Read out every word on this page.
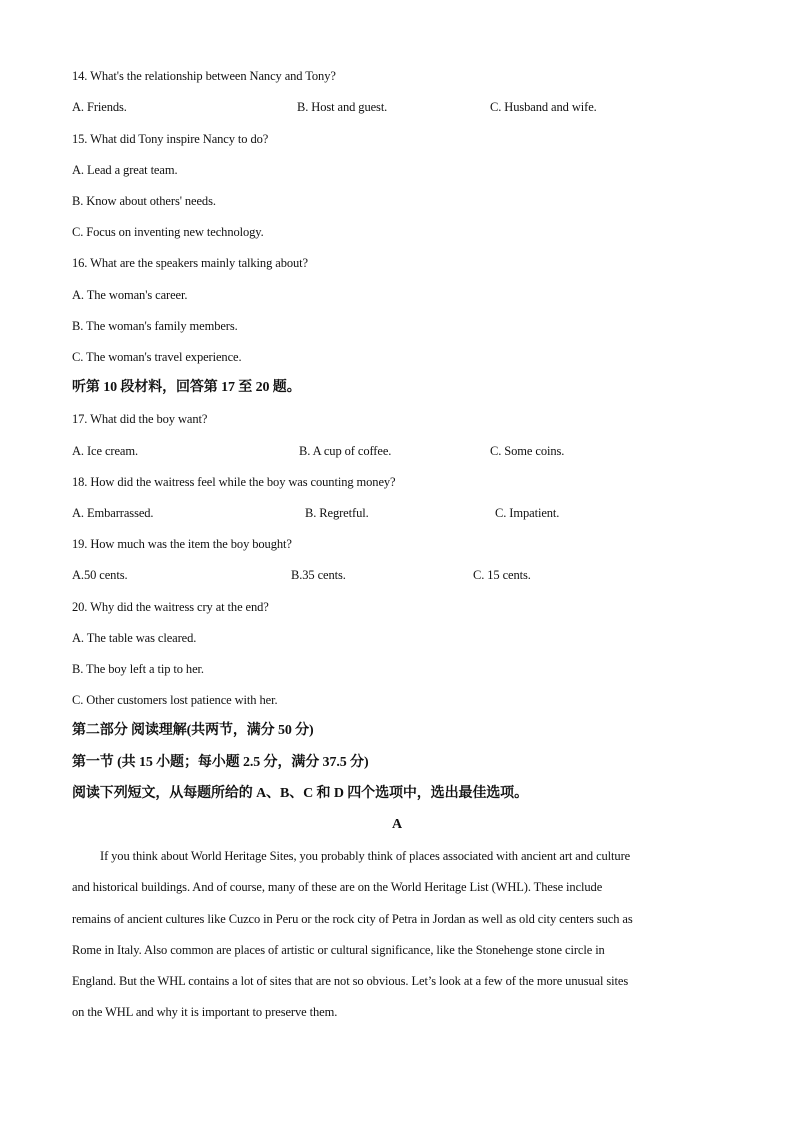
14. What's the relationship between Nancy and Tony?
A. Friends.	B. Host and guest.	C. Husband and wife.
15. What did Tony inspire Nancy to do?
A. Lead a great team.
B. Know about others' needs.
C. Focus on inventing new technology.
16. What are the speakers mainly talking about?
A. The woman's career.
B. The woman's family members.
C. The woman's travel experience.
听第 10 段材料，回答第 17 至 20 题。
17. What did the boy want?
A. Ice cream.	B. A cup of coffee.	C. Some coins.
18. How did the waitress feel while the boy was counting money?
A. Embarrassed.	B. Regretful.	C. Impatient.
19. How much was the item the boy bought?
A.50 cents.	B.35 cents.	C. 15 cents.
20. Why did the waitress cry at the end?
A. The table was cleared.
B. The boy left a tip to her.
C. Other customers lost patience with her.
第二部分 阅读理解(共两节，满分 50 分)
第一节 (共 15 小题；每小题 2.5 分，满分 37.5 分)
阅读下列短文，从每题所给的 A、B、C 和 D 四个选项中，选出最佳选项。
A
If you think about World Heritage Sites, you probably think of places associated with ancient art and culture
and historical buildings. And of course, many of these are on the World Heritage List (WHL). These include
remains of ancient cultures like Cuzco in Peru or the rock city of Petra in Jordan as well as old city centers such as
Rome in Italy. Also common are places of artistic or cultural significance, like the Stonehenge stone circle in
England. But the WHL contains a lot of sites that are not so obvious. Let’s look at a few of the more unusual sites
on the WHL and why it is important to preserve them.
